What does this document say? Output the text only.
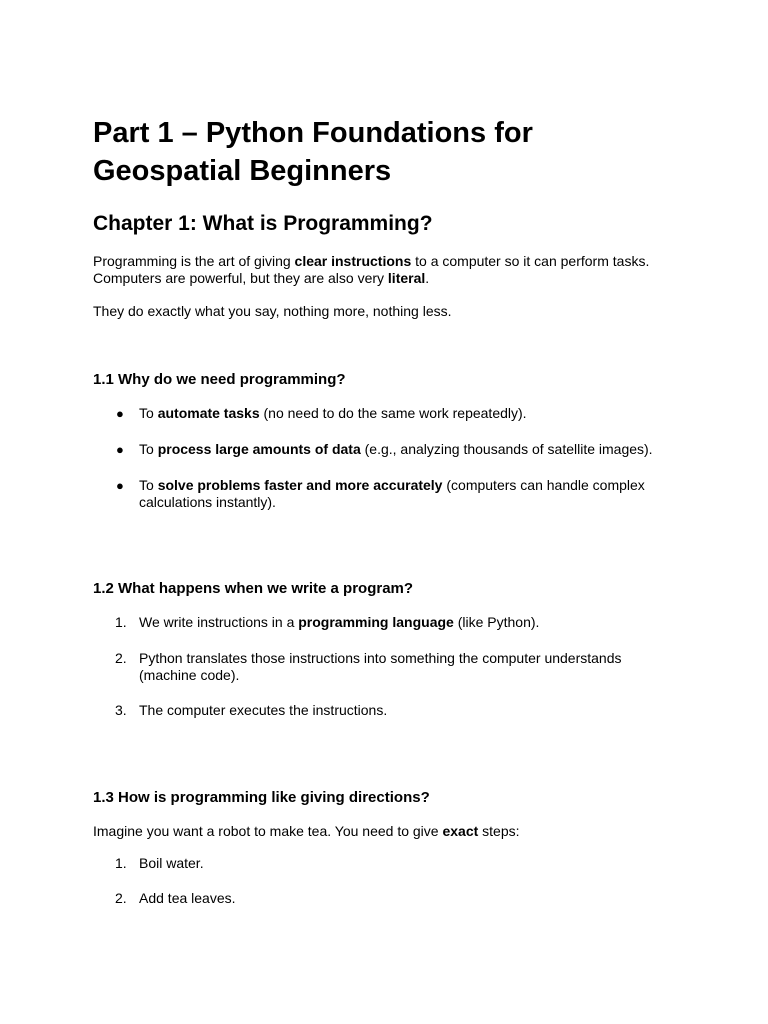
Part 1 – Python Foundations for Geospatial Beginners
Chapter 1: What is Programming?

Programming is the art of giving clear instructions to a computer so it can perform tasks.
Computers are powerful, but they are also very literal.

They do exactly what you say, nothing more, nothing less.

1.1 Why do we need programming?
● To automate tasks (no need to do the same work repeatedly).
● To process large amounts of data (e.g., analyzing thousands of satellite images).
● To solve problems faster and more accurately (computers can handle complex calculations instantly).
1.2 What happens when we write a program?
1. We write instructions in a programming language (like Python).
2. Python translates those instructions into something the computer understands (machine code).
3. The computer executes the instructions.
1.3 How is programming like giving directions?

Imagine you want a robot to make tea. You need to give exact steps:

1. Boil water.
2. Add tea leaves.
